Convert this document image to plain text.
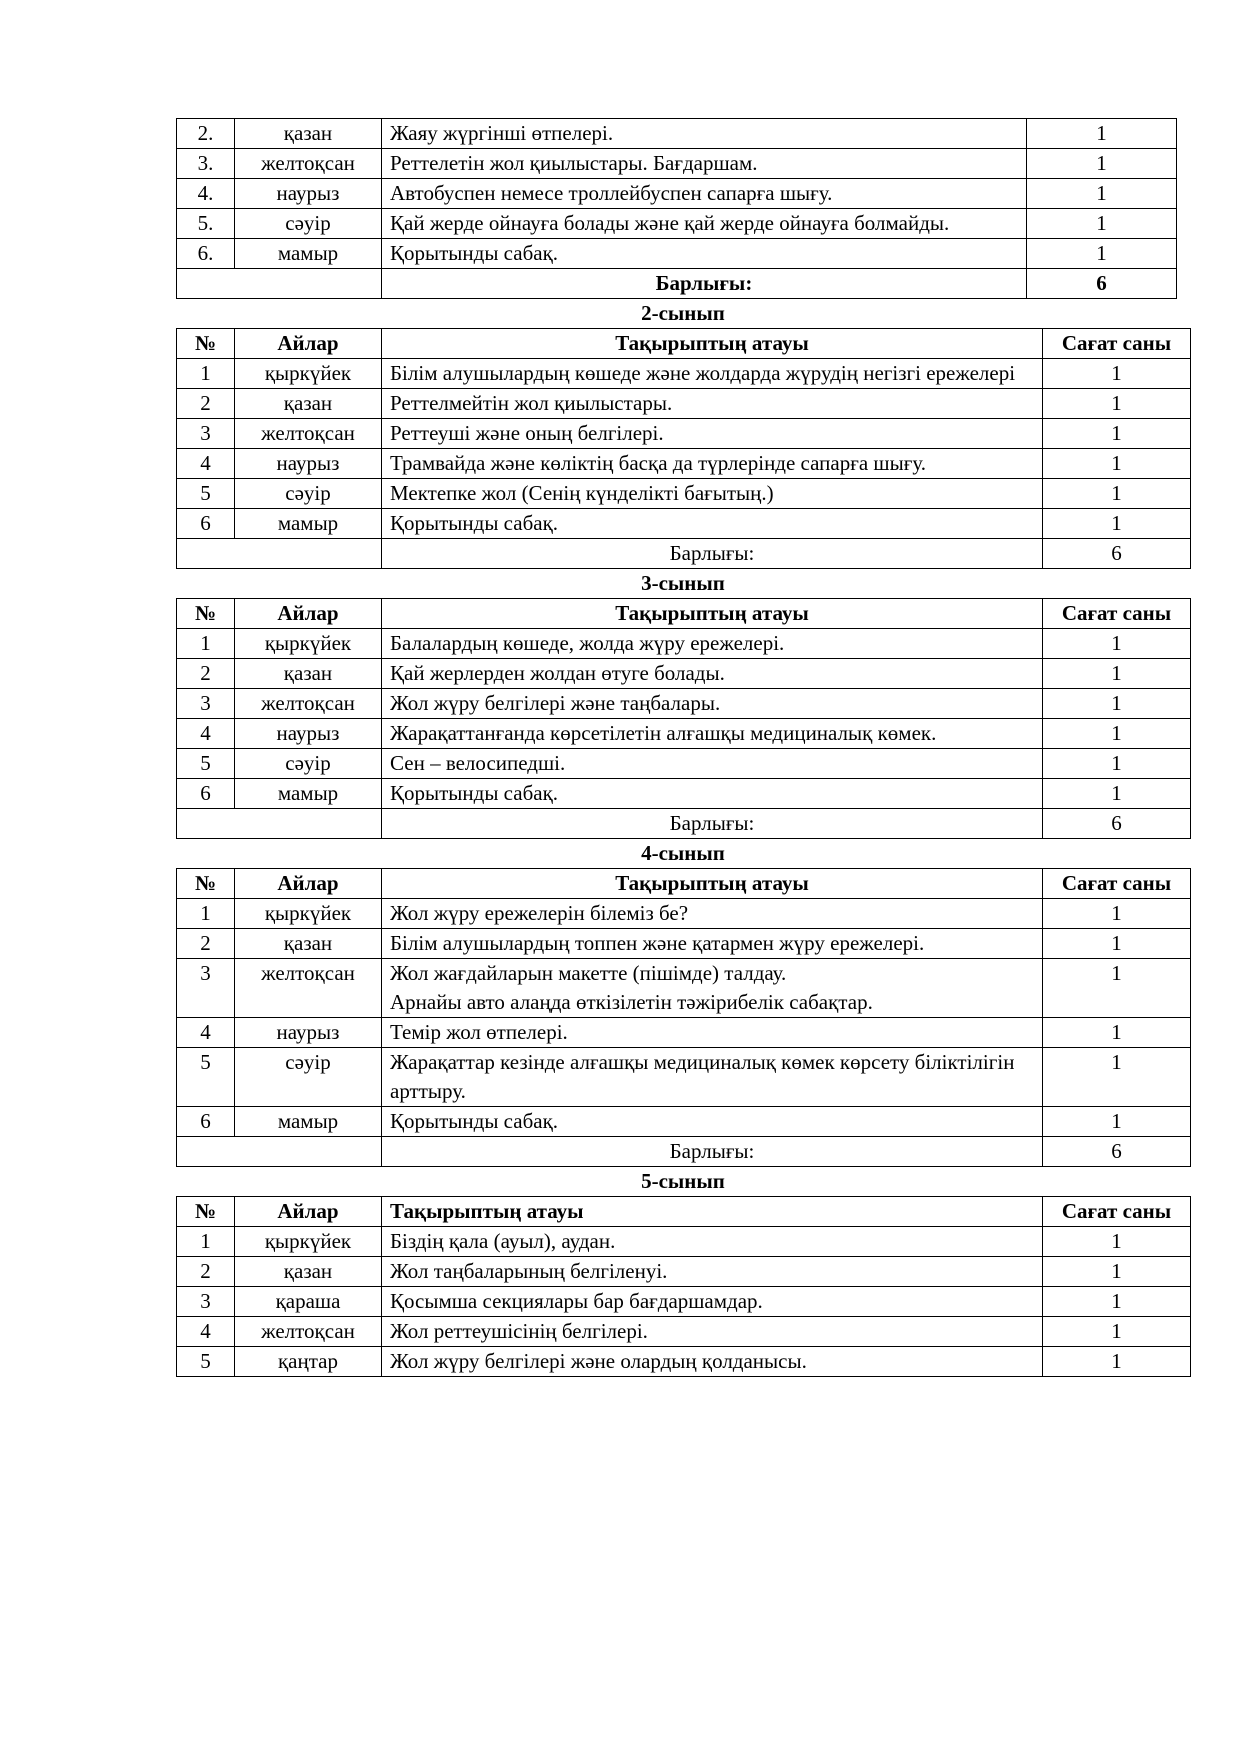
2.	қазан	Жаяу жүргінші өтпелері.	1
3.	желтоқсан	Реттелетін жол қиылыстары. Бағдаршам.	1
4.	наурыз	Автобуспен немесе троллейбуспен сапарға шығу.	1
5.	сәуір	Қай жерде ойнауға болады және қай жерде ойнауға болмайды.	1
6.	мамыр	Қорытынды сабақ.	1
		Барлығы:	6
2-сынып
№	Айлар	Тақырыптың атауы	Сағат саны
1	қыркүйек	Білім алушылардың көшеде және жолдарда жүрудің негізгі ережелері	1
2	қазан	Реттелмейтін жол қиылыстары.	1
3	желтоқсан	Реттеуші және оның белгілері.	1
4	наурыз	Трамвайда және көліктің басқа да түрлерінде сапарға шығу.	1
5	сәуір	Мектепке жол (Сенің күнделікті бағытың.)	1
6	мамыр	Қорытынды сабақ.	1
		Барлығы:	6
3-сынып
№	Айлар	Тақырыптың атауы	Сағат саны
1	қыркүйек	Балалардың көшеде, жолда жүру ережелері.	1
2	қазан	Қай жерлерден жолдан өтуге болады.	1
3	желтоқсан	Жол жүру белгілері және таңбалары.	1
4	наурыз	Жарақаттанғанда көрсетілетін алғашқы медициналық көмек.	1
5	сәуір	Сен – велосипедші.	1
6	мамыр	Қорытынды сабақ.	1
		Барлығы:	6
4-сынып
№	Айлар	Тақырыптың атауы	Сағат саны
1	қыркүйек	Жол жүру ережелерін білеміз бе?	1
2	қазан	Білім алушылардың топпен және қатармен жүру ережелері.	1
3	желтоқсан	Жол жағдайларын макетте (пішімде) талдау.
Арнайы авто алаңда өткізілетін тәжірибелік сабақтар.	1
4	наурыз	Темір жол өтпелері.	1
5	сәуір	Жарақаттар кезінде алғашқы медициналық көмек көрсету біліктілігін арттыру.	1
6	мамыр	Қорытынды сабақ.	1
		Барлығы:	6
5-сынып
№	Айлар	Тақырыптың атауы	Сағат саны
1	қыркүйек	Біздің қала (ауыл), аудан.	1
2	қазан	Жол таңбаларының белгіленуі.	1
3	қараша	Қосымша секциялары бар бағдаршамдар.	1
4	желтоқсан	Жол реттеушісінің белгілері.	1
5	қаңтар	Жол жүру белгілері және олардың қолданысы.	1
